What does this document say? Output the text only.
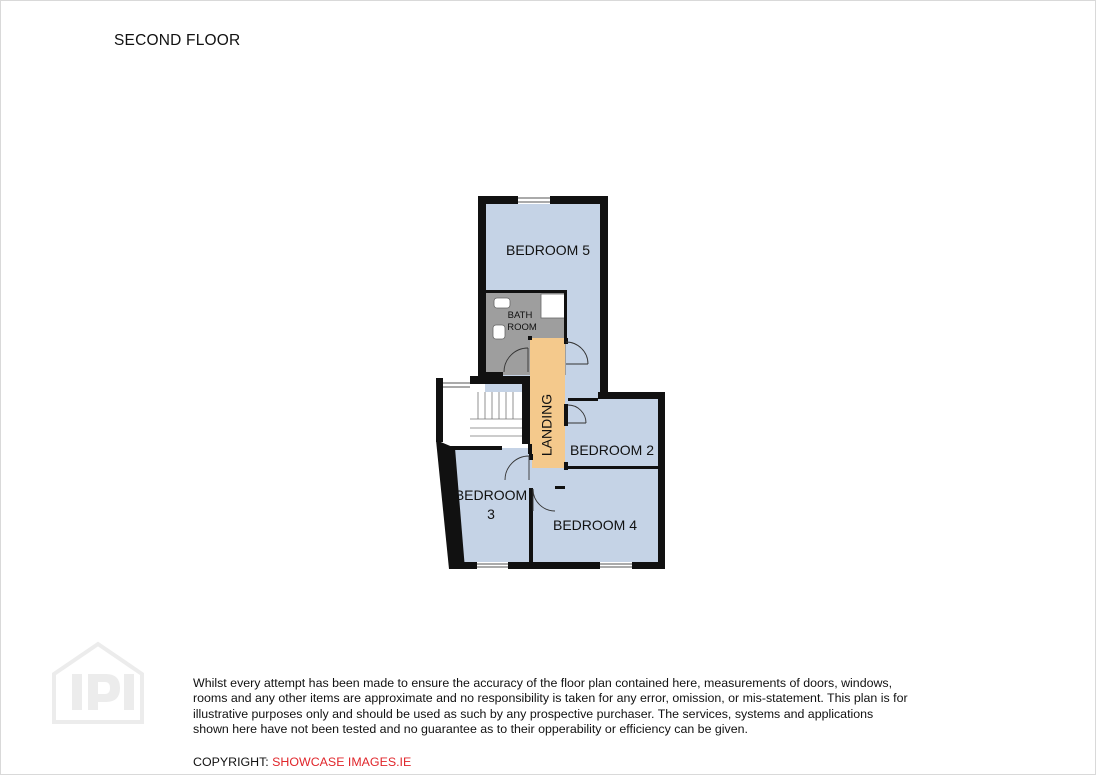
SECOND FLOOR
BEDROOM 5
BATH
ROOM
LANDING BEDROOM 2
BEDROOM
3
BEDROOM 4
Whilst every attempt has been made to ensure the accuracy of the floor plan contained here, measurements of doors, windows, rooms and any other items are approximate and no responsibility is taken for any error, omission, or mis-statement. This plan is for illustrative purposes only and should be used as such by any prospective purchaser. The services, systems and applications shown here have not been tested and no guarantee as to their opperability or efficiency can be given.
COPYRIGHT: SHOWCASE IMAGES.IE
